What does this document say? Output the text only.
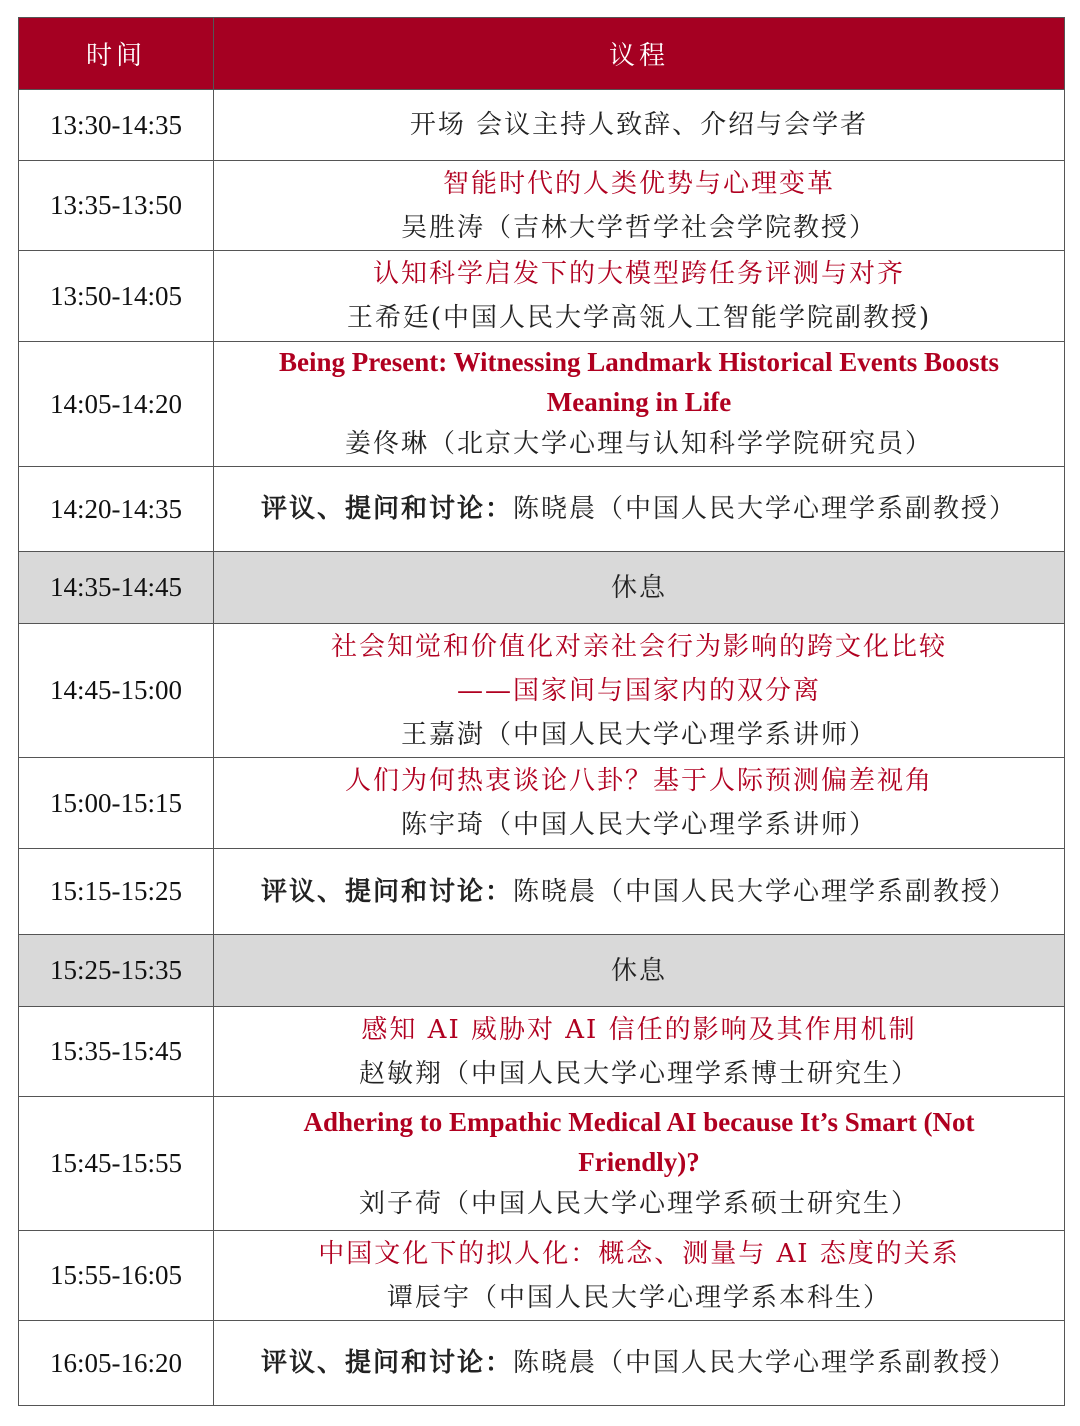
时间	议程
13:30-14:35	开场 会议主持人致辞、介绍与会学者

13:35-13:50	智能时代的人类优势与心理变革
吴胜涛（吉林大学哲学社会学院教授）

13:50-14:05	认知科学启发下的大模型跨任务评测与对齐
王希廷(中国人民大学高瓴人工智能学院副教授)

14:05-14:20	Being Present: Witnessing Landmark Historical Events Boosts
Meaning in Life
姜佟琳（北京大学心理与认知科学学院研究员）

14:20-14:35	评议、提问和讨论：陈晓晨（中国人民大学心理学系副教授）
14:35-14:45	休息
14:45-15:00	社会知觉和价值化对亲社会行为影响的跨文化比较
——国家间与国家内的双分离
王嘉澍（中国人民大学心理学系讲师）

15:00-15:15	人们为何热衷谈论八卦？基于人际预测偏差视角
陈宇琦（中国人民大学心理学系讲师）

15:15-15:25	评议、提问和讨论：陈晓晨（中国人民大学心理学系副教授）
15:25-15:35	休息
15:35-15:45	感知 AI 威胁对 AI 信任的影响及其作用机制
赵敏翔（中国人民大学心理学系博士研究生）

15:45-15:55	Adhering to Empathic Medical AI because It’s Smart (Not
Friendly)?
刘子荷（中国人民大学心理学系硕士研究生）

15:55-16:05	中国文化下的拟人化：概念、测量与 AI 态度的关系
谭辰宇（中国人民大学心理学系本科生）

16:05-16:20	评议、提问和讨论：陈晓晨（中国人民大学心理学系副教授）
